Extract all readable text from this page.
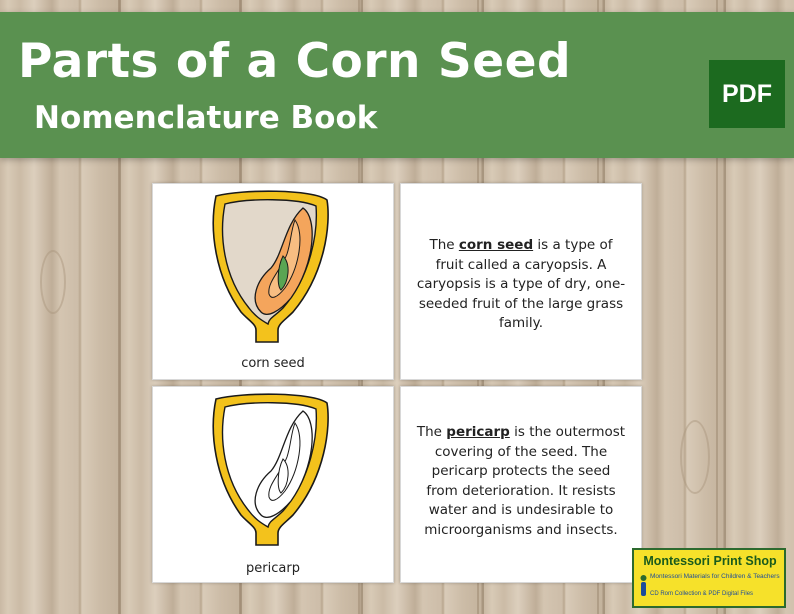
Parts of a Corn Seed
Nomenclature Book
PDF
corn seed
The corn seed is a type of fruit called a caryopsis. A caryopsis is a type of dry, one-seeded fruit of the large grass family.
pericarp
The pericarp is the outermost covering of the seed. The pericarp protects the seed from deterioration. It resists water and is undesirable to microorganisms and insects.
Montessori Print Shop
Montessori Materials for Children & Teachers
CD Rom Collection & PDF Digital Files
